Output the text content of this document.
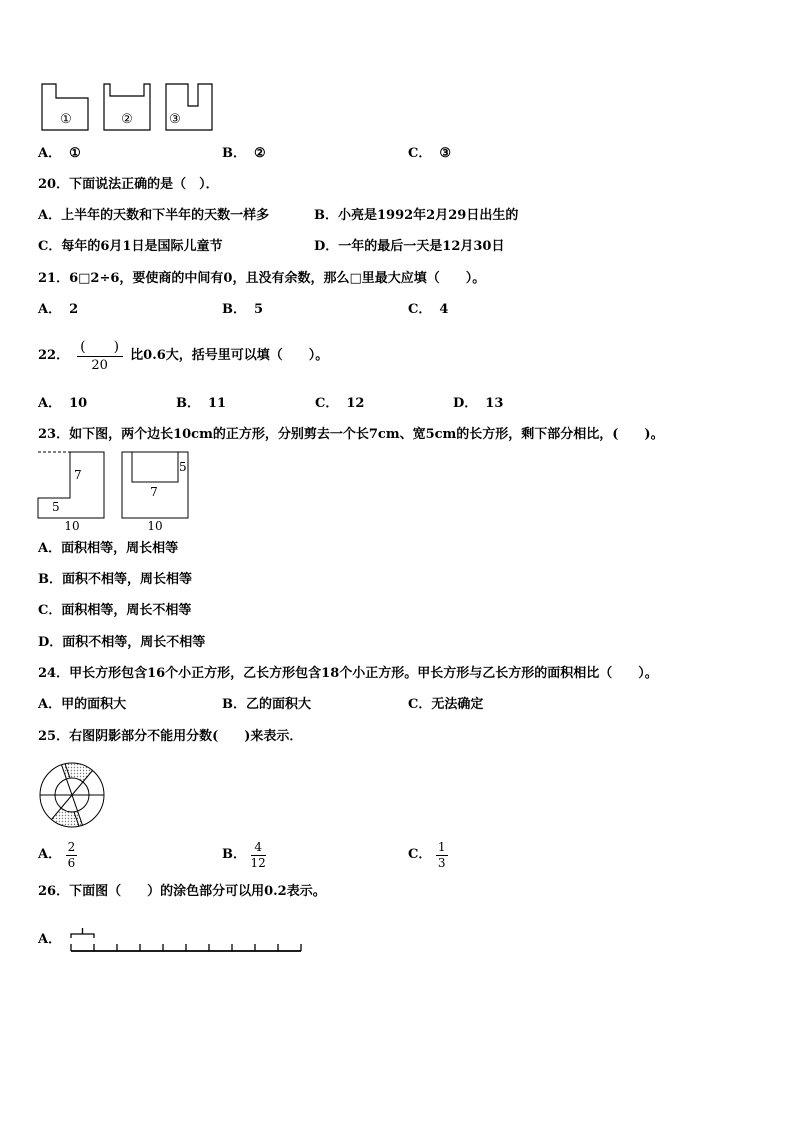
①	②	③
A． ①	B． ②	C． ③
20．下面说法正确的是（　）．
A．上半年的天数和下半年的天数一样多	B．小亮是1992年2月29日出生的
C．每年的6月1日是国际儿童节	D．一年的最后一天是12月30日
21．6□2÷6，要使商的中间有0，且没有余数，那么□里最大应填（　　）。
A． 2	B． 5	C． 4
22．
(　　)
20
比0.6大，括号里可以填（　　）。
A． 10	B． 11	C． 12	D． 13
23．如下图，两个边长10cm的正方形，分别剪去一个长7cm、宽5cm的长方形，剩下部分相比，(　　)。
7
5
10
5
7
10
A．面积相等，周长相等
B．面积不相等，周长相等
C．面积相等，周长不相等
D．面积不相等，周长不相等
24．甲长方形包含16个小正方形，乙长方形包含18个小正方形。甲长方形与乙长方形的面积相比（　　）。
A．甲的面积大	B．乙的面积大	C．无法确定
25．右图阴影部分不能用分数(　　)来表示．
A． $\frac{2}{6}$	B． $\frac{4}{12}$	C． $\frac{1}{3}$
26．下面图（　　）的涂色部分可以用0.2表示。
A．
